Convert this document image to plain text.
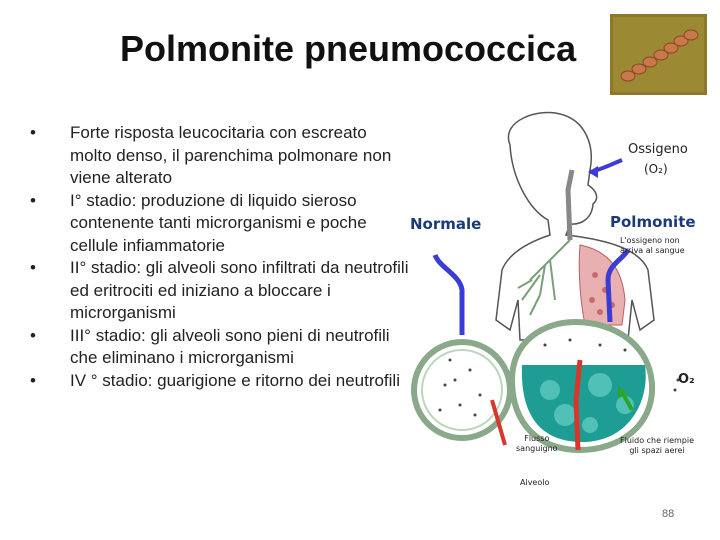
Polmonite pneumococcica
•	Forte risposta leucocitaria con escreato molto denso, il parenchima polmonare non viene alterato
•	I° stadio: produzione di liquido sieroso contenente tanti microrganismi e poche cellule infiammatorie
•	II° stadio: gli alveoli sono infiltrati da neutrofili ed eritrociti ed iniziano a bloccare i microrganismi
•	III° stadio: gli alveoli sono pieni di neutrofili che eliminano i microrganismi
•	IV ° stadio: guarigione e ritorno dei neutrofili
Ossigeno
(O₂)
Normale	Polmonite
L'ossigeno non
arriva al sangue
O₂
Flusso
sanguigno
Fluido che riempie
gli spazi aerei
Alveolo
88
